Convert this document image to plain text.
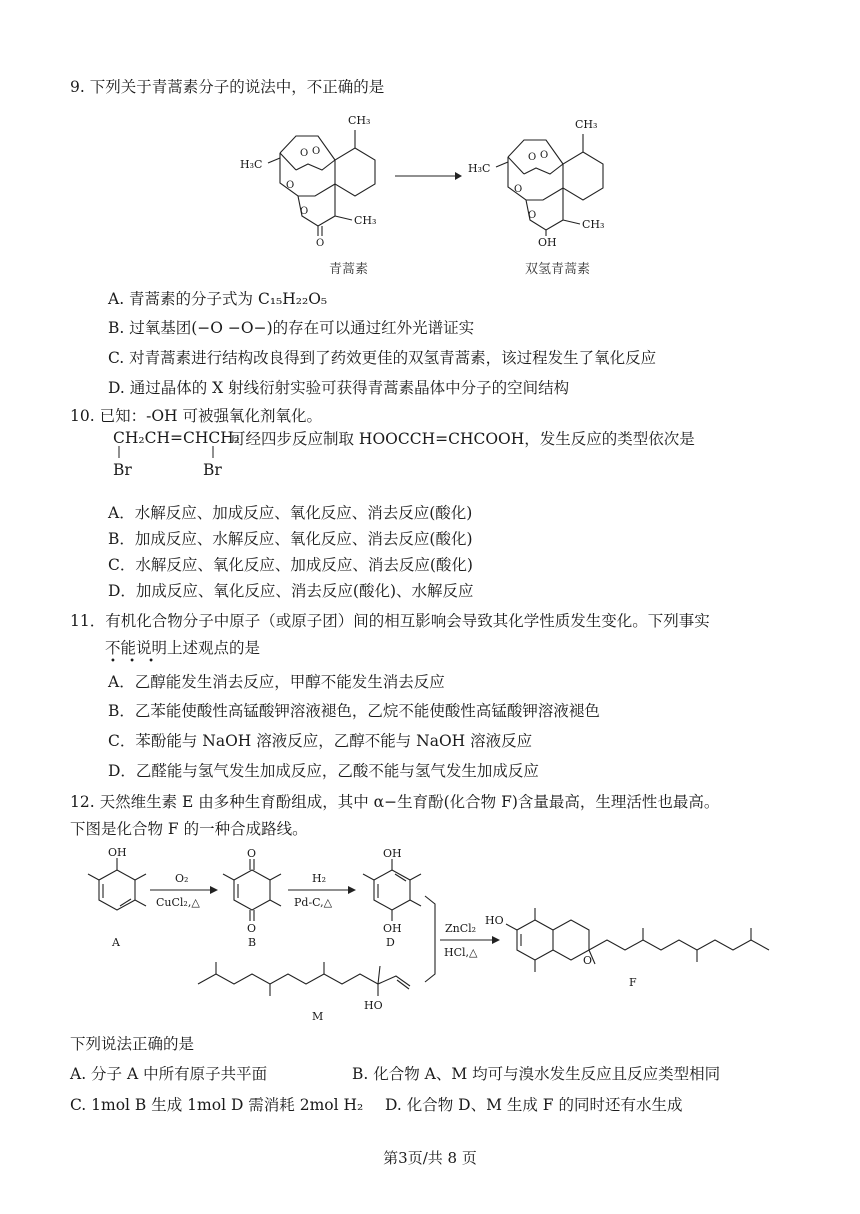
9. 下列关于青蒿素分子的说法中，不正确的是
CH₃
H₃C
O O
O
O
CH₃
O
CH₃
H₃C
O O
O
O
CH₃
OH
青蒿素	双氢青蒿素
A. 青蒿素的分子式为 C₁₅H₂₂O₅
B. 过氧基团(−O −O−)的存在可以通过红外光谱证实
C. 对青蒿素进行结构改良得到了药效更佳的双氢青蒿素，该过程发生了氧化反应
D. 通过晶体的 X 射线衍射实验可获得青蒿素晶体中分子的空间结构
10. 已知：-OH 可被强氧化剂氧化。
CH₂CH=CHCH₂
Br	Br
可经四步反应制取 HOOCCH=CHCOOH，发生反应的类型依次是
A．水解反应、加成反应、氧化反应、消去反应(酸化)
B．加成反应、水解反应、氧化反应、消去反应(酸化)
C．水解反应、氧化反应、加成反应、消去反应(酸化)
D．加成反应、氧化反应、消去反应(酸化)、水解反应
11．有机化合物分子中原子（或原子团）间的相互影响会导致其化学性质发生变化。下列事实
不能说明上述观点的是
• • •
A．乙醇能发生消去反应，甲醇不能发生消去反应
B．乙苯能使酸性高锰酸钾溶液褪色，乙烷不能使酸性高锰酸钾溶液褪色
C．苯酚能与 NaOH 溶液反应，乙醇不能与 NaOH 溶液反应
D．乙醛能与氢气发生加成反应，乙酸不能与氢气发生加成反应
12. 天然维生素 E 由多种生育酚组成，其中 α−生育酚(化合物 F)含量最高，生理活性也最高。
下图是化合物 F 的一种合成路线。
OH
A
O₂
CuCl₂,△
O
O
B
H₂
Pd-C,△
OH
OH
D
ZnCl₂
HCl,△
HO
O
F
HO
M
下列说法正确的是
A. 分子 A 中所有原子共平面	B. 化合物 A、M 均可与溴水发生反应且反应类型相同
C. 1mol B 生成 1mol D 需消耗 2mol H₂ D. 化合物 D、M 生成 F 的同时还有水生成
第3页/共 8 页
